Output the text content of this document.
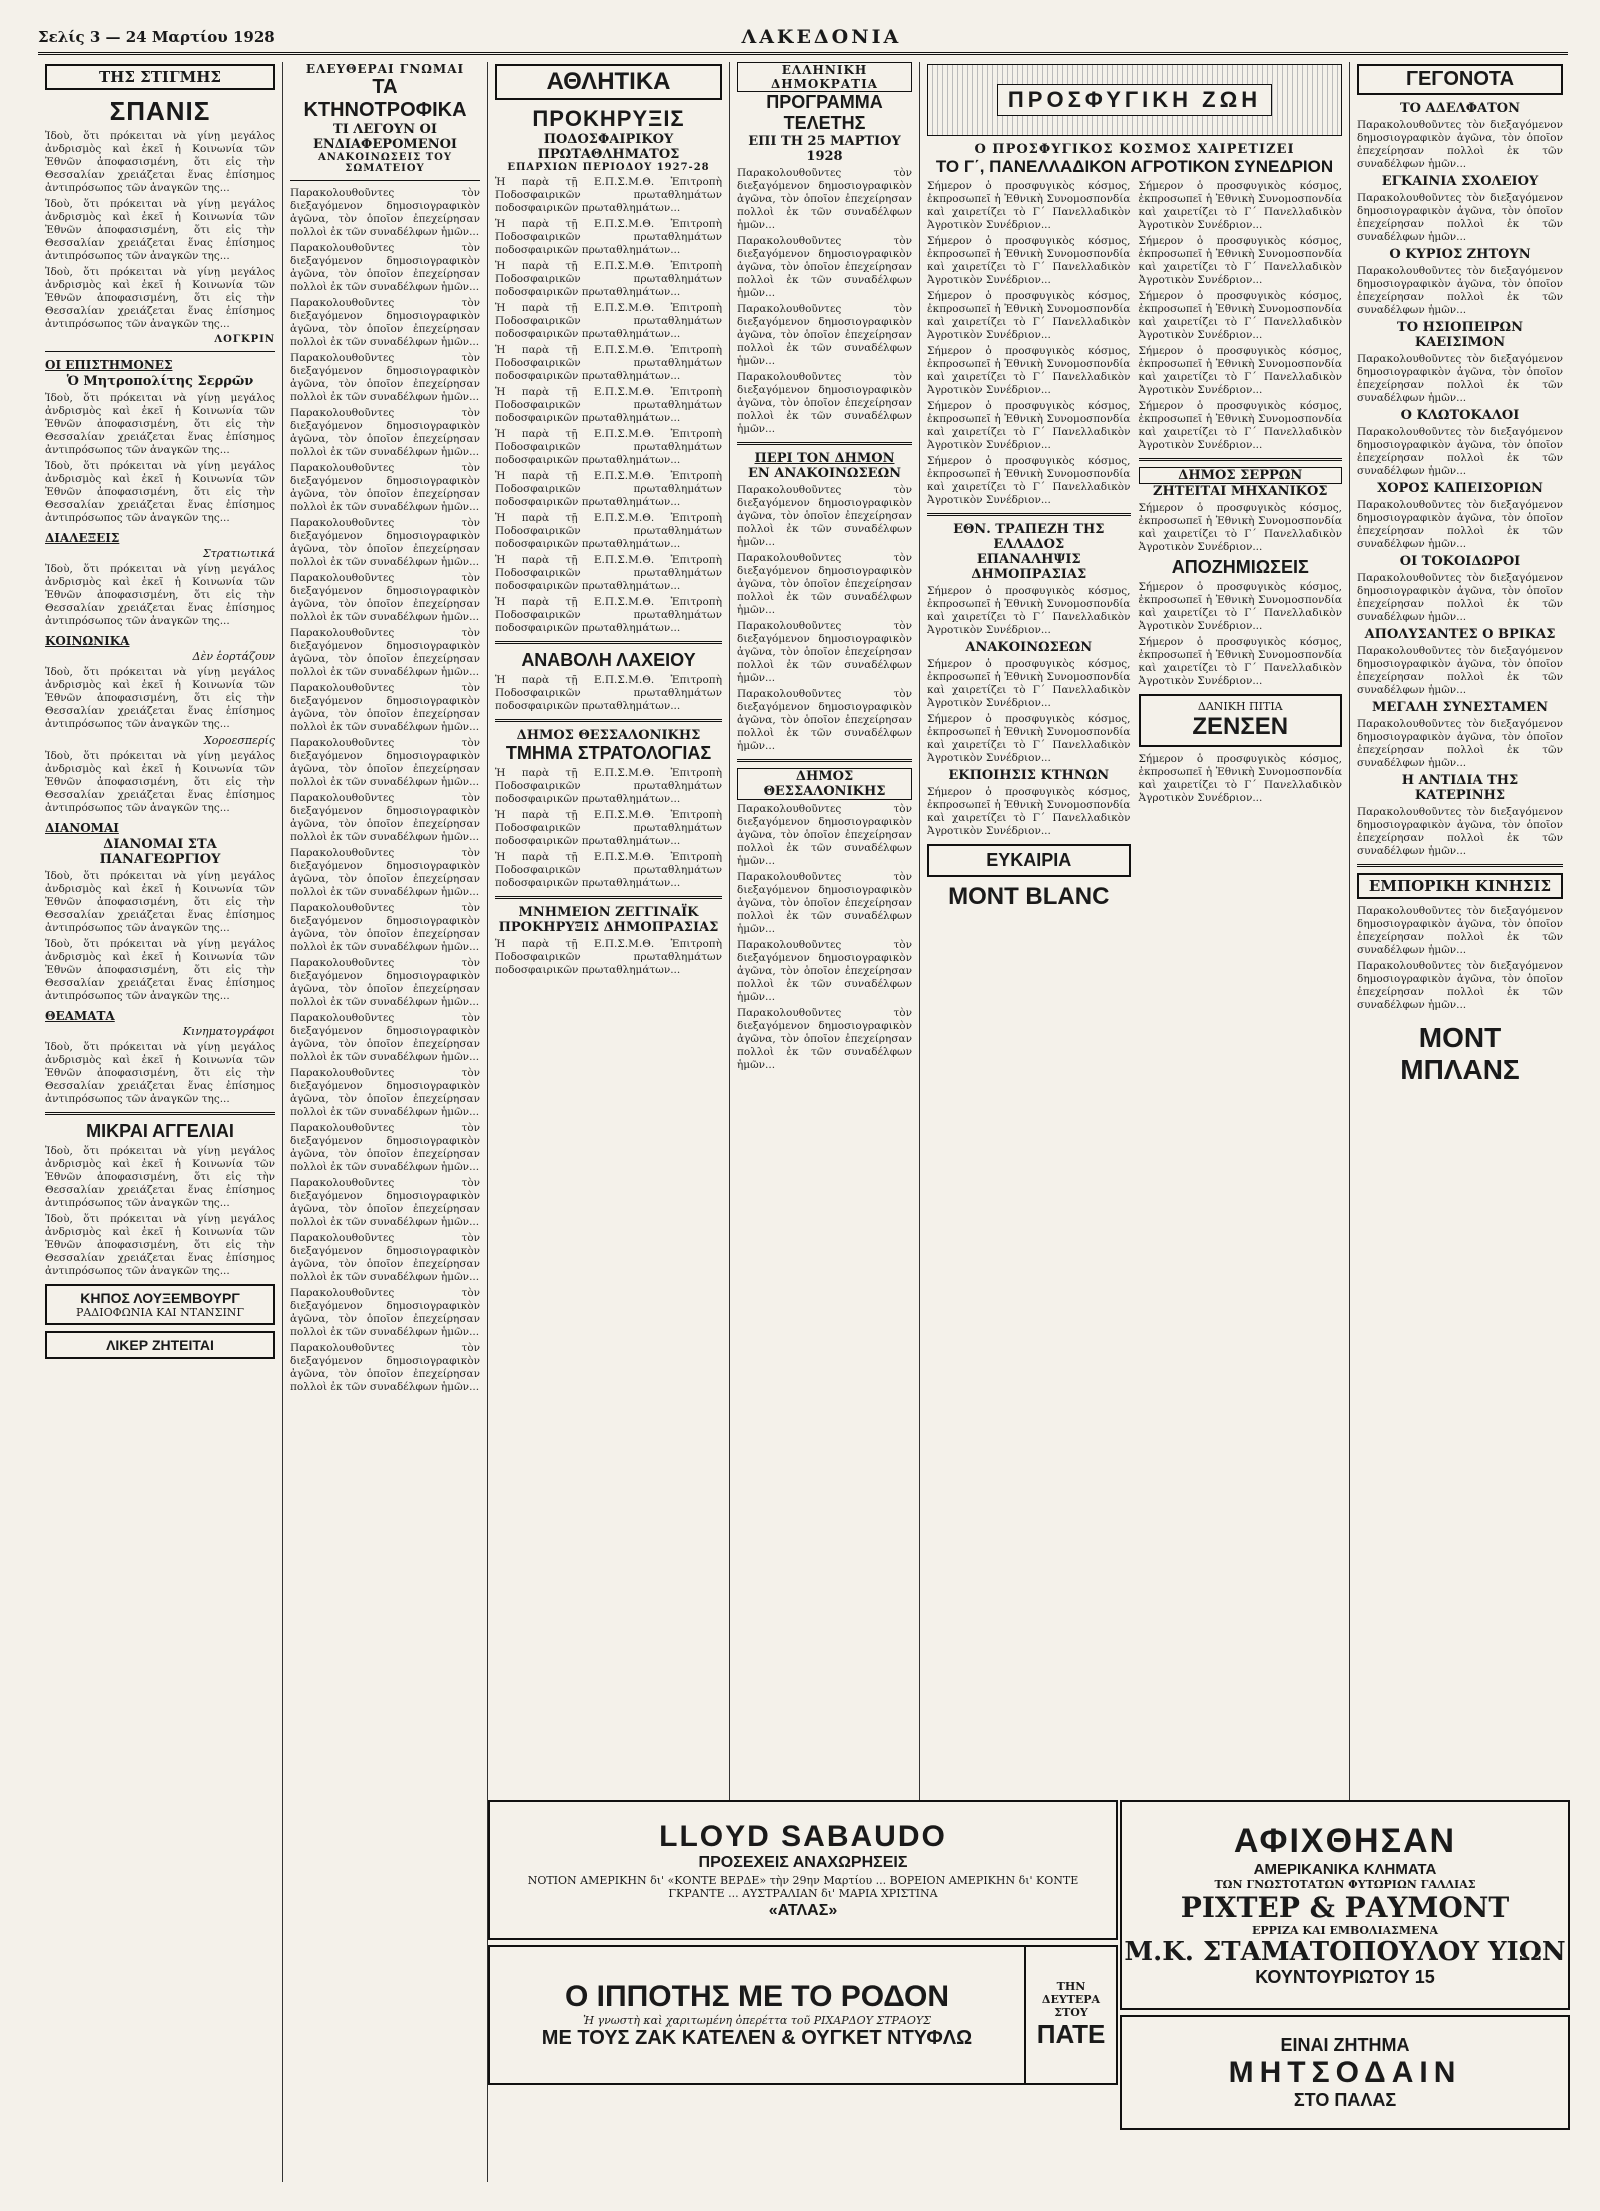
Σελίς 3 — 24 Μαρτίου 1928	ΛΑΚΕΔΟΝΙΑ
ΤΗΣ ΣΤΙΓΜΗΣ
ΣΠΑΝΙΣ
Ἰδοὺ, ὅτι πρόκειται νὰ γίνῃ μεγάλος ἀνδρισμὸς καὶ ἐκεῖ ἡ Κοινωνία τῶν Ἐθνῶν ἀποφασισμένη, ὅτι εἰς τὴν Θεσσαλίαν χρειάζεται ἕνας ἐπίσημος ἀντιπρόσωπος τῶν ἀναγκῶν της...
Ἰδοὺ, ὅτι πρόκειται νὰ γίνῃ μεγάλος ἀνδρισμὸς καὶ ἐκεῖ ἡ Κοινωνία τῶν Ἐθνῶν ἀποφασισμένη, ὅτι εἰς τὴν Θεσσαλίαν χρειάζεται ἕνας ἐπίσημος ἀντιπρόσωπος τῶν ἀναγκῶν της...
Ἰδοὺ, ὅτι πρόκειται νὰ γίνῃ μεγάλος ἀνδρισμὸς καὶ ἐκεῖ ἡ Κοινωνία τῶν Ἐθνῶν ἀποφασισμένη, ὅτι εἰς τὴν Θεσσαλίαν χρειάζεται ἕνας ἐπίσημος ἀντιπρόσωπος τῶν ἀναγκῶν της...
ΛΟΓΚΡΙΝ
ΟΙ ΕΠΙΣΤΗΜΟΝΕΣ
Ὁ Μητροπολίτης Σερρῶν
Ἰδοὺ, ὅτι πρόκειται νὰ γίνῃ μεγάλος ἀνδρισμὸς καὶ ἐκεῖ ἡ Κοινωνία τῶν Ἐθνῶν ἀποφασισμένη, ὅτι εἰς τὴν Θεσσαλίαν χρειάζεται ἕνας ἐπίσημος ἀντιπρόσωπος τῶν ἀναγκῶν της...
Ἰδοὺ, ὅτι πρόκειται νὰ γίνῃ μεγάλος ἀνδρισμὸς καὶ ἐκεῖ ἡ Κοινωνία τῶν Ἐθνῶν ἀποφασισμένη, ὅτι εἰς τὴν Θεσσαλίαν χρειάζεται ἕνας ἐπίσημος ἀντιπρόσωπος τῶν ἀναγκῶν της...
ΔΙΑΛΕΞΕΙΣ
Στρατιωτικά
Ἰδοὺ, ὅτι πρόκειται νὰ γίνῃ μεγάλος ἀνδρισμὸς καὶ ἐκεῖ ἡ Κοινωνία τῶν Ἐθνῶν ἀποφασισμένη, ὅτι εἰς τὴν Θεσσαλίαν χρειάζεται ἕνας ἐπίσημος ἀντιπρόσωπος τῶν ἀναγκῶν της...
ΚΟΙΝΩΝΙΚΑ
Δὲν ἑορτάζουν
Ἰδοὺ, ὅτι πρόκειται νὰ γίνῃ μεγάλος ἀνδρισμὸς καὶ ἐκεῖ ἡ Κοινωνία τῶν Ἐθνῶν ἀποφασισμένη, ὅτι εἰς τὴν Θεσσαλίαν χρειάζεται ἕνας ἐπίσημος ἀντιπρόσωπος τῶν ἀναγκῶν της...
Χοροεσπερίς
Ἰδοὺ, ὅτι πρόκειται νὰ γίνῃ μεγάλος ἀνδρισμὸς καὶ ἐκεῖ ἡ Κοινωνία τῶν Ἐθνῶν ἀποφασισμένη, ὅτι εἰς τὴν Θεσσαλίαν χρειάζεται ἕνας ἐπίσημος ἀντιπρόσωπος τῶν ἀναγκῶν της...
ΔΙΑΝΟΜΑΙ
ΔΙΑΝΟΜΑΙ ΣΤΑ ΠΑΝΑΓΕΩΡΓΙΟΥ
Ἰδοὺ, ὅτι πρόκειται νὰ γίνῃ μεγάλος ἀνδρισμὸς καὶ ἐκεῖ ἡ Κοινωνία τῶν Ἐθνῶν ἀποφασισμένη, ὅτι εἰς τὴν Θεσσαλίαν χρειάζεται ἕνας ἐπίσημος ἀντιπρόσωπος τῶν ἀναγκῶν της...
Ἰδοὺ, ὅτι πρόκειται νὰ γίνῃ μεγάλος ἀνδρισμὸς καὶ ἐκεῖ ἡ Κοινωνία τῶν Ἐθνῶν ἀποφασισμένη, ὅτι εἰς τὴν Θεσσαλίαν χρειάζεται ἕνας ἐπίσημος ἀντιπρόσωπος τῶν ἀναγκῶν της...
ΘΕΑΜΑΤΑ
Κινηματογράφοι
Ἰδοὺ, ὅτι πρόκειται νὰ γίνῃ μεγάλος ἀνδρισμὸς καὶ ἐκεῖ ἡ Κοινωνία τῶν Ἐθνῶν ἀποφασισμένη, ὅτι εἰς τὴν Θεσσαλίαν χρειάζεται ἕνας ἐπίσημος ἀντιπρόσωπος τῶν ἀναγκῶν της...
ΜΙΚΡΑΙ ΑΓΓΕΛΙΑΙ
Ἰδοὺ, ὅτι πρόκειται νὰ γίνῃ μεγάλος ἀνδρισμὸς καὶ ἐκεῖ ἡ Κοινωνία τῶν Ἐθνῶν ἀποφασισμένη, ὅτι εἰς τὴν Θεσσαλίαν χρειάζεται ἕνας ἐπίσημος ἀντιπρόσωπος τῶν ἀναγκῶν της...
Ἰδοὺ, ὅτι πρόκειται νὰ γίνῃ μεγάλος ἀνδρισμὸς καὶ ἐκεῖ ἡ Κοινωνία τῶν Ἐθνῶν ἀποφασισμένη, ὅτι εἰς τὴν Θεσσαλίαν χρειάζεται ἕνας ἐπίσημος ἀντιπρόσωπος τῶν ἀναγκῶν της...
ΚΗΠΟΣ ΛΟΥΞΕΜΒΟΥΡΓ
ΡΑΔΙΟΦΩΝΙΑ ΚΑΙ ΝΤΑΝΣΙΝΓ
ΛΙΚΕΡ ΖΗΤΕΙΤΑΙ
ΕΛΕΥΘΕΡΑΙ ΓΝΩΜΑΙ
ΤΑ ΚΤΗΝΟΤΡΟΦΙΚΑ
ΤΙ ΛΕΓΟΥΝ ΟΙ ΕΝΔΙΑΦΕΡΟΜΕΝΟΙ
ΑΝΑΚΟΙΝΩΣΕΙΣ ΤΟΥ ΣΩΜΑΤΕΙΟΥ
Παρακολουθοῦντες τὸν διεξαγόμενον δημοσιογραφικὸν ἀγῶνα, τὸν ὁποῖον ἐπεχείρησαν πολλοὶ ἐκ τῶν συναδέλφων ἡμῶν...
Παρακολουθοῦντες τὸν διεξαγόμενον δημοσιογραφικὸν ἀγῶνα, τὸν ὁποῖον ἐπεχείρησαν πολλοὶ ἐκ τῶν συναδέλφων ἡμῶν...
Παρακολουθοῦντες τὸν διεξαγόμενον δημοσιογραφικὸν ἀγῶνα, τὸν ὁποῖον ἐπεχείρησαν πολλοὶ ἐκ τῶν συναδέλφων ἡμῶν...
Παρακολουθοῦντες τὸν διεξαγόμενον δημοσιογραφικὸν ἀγῶνα, τὸν ὁποῖον ἐπεχείρησαν πολλοὶ ἐκ τῶν συναδέλφων ἡμῶν...
Παρακολουθοῦντες τὸν διεξαγόμενον δημοσιογραφικὸν ἀγῶνα, τὸν ὁποῖον ἐπεχείρησαν πολλοὶ ἐκ τῶν συναδέλφων ἡμῶν...
Παρακολουθοῦντες τὸν διεξαγόμενον δημοσιογραφικὸν ἀγῶνα, τὸν ὁποῖον ἐπεχείρησαν πολλοὶ ἐκ τῶν συναδέλφων ἡμῶν...
Παρακολουθοῦντες τὸν διεξαγόμενον δημοσιογραφικὸν ἀγῶνα, τὸν ὁποῖον ἐπεχείρησαν πολλοὶ ἐκ τῶν συναδέλφων ἡμῶν...
Παρακολουθοῦντες τὸν διεξαγόμενον δημοσιογραφικὸν ἀγῶνα, τὸν ὁποῖον ἐπεχείρησαν πολλοὶ ἐκ τῶν συναδέλφων ἡμῶν...
Παρακολουθοῦντες τὸν διεξαγόμενον δημοσιογραφικὸν ἀγῶνα, τὸν ὁποῖον ἐπεχείρησαν πολλοὶ ἐκ τῶν συναδέλφων ἡμῶν...
Παρακολουθοῦντες τὸν διεξαγόμενον δημοσιογραφικὸν ἀγῶνα, τὸν ὁποῖον ἐπεχείρησαν πολλοὶ ἐκ τῶν συναδέλφων ἡμῶν...
Παρακολουθοῦντες τὸν διεξαγόμενον δημοσιογραφικὸν ἀγῶνα, τὸν ὁποῖον ἐπεχείρησαν πολλοὶ ἐκ τῶν συναδέλφων ἡμῶν...
Παρακολουθοῦντες τὸν διεξαγόμενον δημοσιογραφικὸν ἀγῶνα, τὸν ὁποῖον ἐπεχείρησαν πολλοὶ ἐκ τῶν συναδέλφων ἡμῶν...
Παρακολουθοῦντες τὸν διεξαγόμενον δημοσιογραφικὸν ἀγῶνα, τὸν ὁποῖον ἐπεχείρησαν πολλοὶ ἐκ τῶν συναδέλφων ἡμῶν...
Παρακολουθοῦντες τὸν διεξαγόμενον δημοσιογραφικὸν ἀγῶνα, τὸν ὁποῖον ἐπεχείρησαν πολλοὶ ἐκ τῶν συναδέλφων ἡμῶν...
Παρακολουθοῦντες τὸν διεξαγόμενον δημοσιογραφικὸν ἀγῶνα, τὸν ὁποῖον ἐπεχείρησαν πολλοὶ ἐκ τῶν συναδέλφων ἡμῶν...
Παρακολουθοῦντες τὸν διεξαγόμενον δημοσιογραφικὸν ἀγῶνα, τὸν ὁποῖον ἐπεχείρησαν πολλοὶ ἐκ τῶν συναδέλφων ἡμῶν...
Παρακολουθοῦντες τὸν διεξαγόμενον δημοσιογραφικὸν ἀγῶνα, τὸν ὁποῖον ἐπεχείρησαν πολλοὶ ἐκ τῶν συναδέλφων ἡμῶν...
Παρακολουθοῦντες τὸν διεξαγόμενον δημοσιογραφικὸν ἀγῶνα, τὸν ὁποῖον ἐπεχείρησαν πολλοὶ ἐκ τῶν συναδέλφων ἡμῶν...
Παρακολουθοῦντες τὸν διεξαγόμενον δημοσιογραφικὸν ἀγῶνα, τὸν ὁποῖον ἐπεχείρησαν πολλοὶ ἐκ τῶν συναδέλφων ἡμῶν...
Παρακολουθοῦντες τὸν διεξαγόμενον δημοσιογραφικὸν ἀγῶνα, τὸν ὁποῖον ἐπεχείρησαν πολλοὶ ἐκ τῶν συναδέλφων ἡμῶν...
Παρακολουθοῦντες τὸν διεξαγόμενον δημοσιογραφικὸν ἀγῶνα, τὸν ὁποῖον ἐπεχείρησαν πολλοὶ ἐκ τῶν συναδέλφων ἡμῶν...
Παρακολουθοῦντες τὸν διεξαγόμενον δημοσιογραφικὸν ἀγῶνα, τὸν ὁποῖον ἐπεχείρησαν πολλοὶ ἐκ τῶν συναδέλφων ἡμῶν...
ΑΘΛΗΤΙΚΑ
ΠΡΟΚΗΡΥΞΙΣ
ΠΟΔΟΣΦΑΙΡΙΚΟΥ ΠΡΩΤΑΘΛΗΜΑΤΟΣ
ΕΠΑΡΧΙΩΝ ΠΕΡΙΟΔΟΥ 1927-28
Ἡ παρὰ τῇ Ε.Π.Σ.Μ.Θ. Ἐπιτροπὴ Ποδοσφαιρικῶν πρωταθλημάτων ποδοσφαιρικῶν πρωταθλημάτων...
Ἡ παρὰ τῇ Ε.Π.Σ.Μ.Θ. Ἐπιτροπὴ Ποδοσφαιρικῶν πρωταθλημάτων ποδοσφαιρικῶν πρωταθλημάτων...
Ἡ παρὰ τῇ Ε.Π.Σ.Μ.Θ. Ἐπιτροπὴ Ποδοσφαιρικῶν πρωταθλημάτων ποδοσφαιρικῶν πρωταθλημάτων...
Ἡ παρὰ τῇ Ε.Π.Σ.Μ.Θ. Ἐπιτροπὴ Ποδοσφαιρικῶν πρωταθλημάτων ποδοσφαιρικῶν πρωταθλημάτων...
Ἡ παρὰ τῇ Ε.Π.Σ.Μ.Θ. Ἐπιτροπὴ Ποδοσφαιρικῶν πρωταθλημάτων ποδοσφαιρικῶν πρωταθλημάτων...
Ἡ παρὰ τῇ Ε.Π.Σ.Μ.Θ. Ἐπιτροπὴ Ποδοσφαιρικῶν πρωταθλημάτων ποδοσφαιρικῶν πρωταθλημάτων...
Ἡ παρὰ τῇ Ε.Π.Σ.Μ.Θ. Ἐπιτροπὴ Ποδοσφαιρικῶν πρωταθλημάτων ποδοσφαιρικῶν πρωταθλημάτων...
Ἡ παρὰ τῇ Ε.Π.Σ.Μ.Θ. Ἐπιτροπὴ Ποδοσφαιρικῶν πρωταθλημάτων ποδοσφαιρικῶν πρωταθλημάτων...
Ἡ παρὰ τῇ Ε.Π.Σ.Μ.Θ. Ἐπιτροπὴ Ποδοσφαιρικῶν πρωταθλημάτων ποδοσφαιρικῶν πρωταθλημάτων...
Ἡ παρὰ τῇ Ε.Π.Σ.Μ.Θ. Ἐπιτροπὴ Ποδοσφαιρικῶν πρωταθλημάτων ποδοσφαιρικῶν πρωταθλημάτων...
Ἡ παρὰ τῇ Ε.Π.Σ.Μ.Θ. Ἐπιτροπὴ Ποδοσφαιρικῶν πρωταθλημάτων ποδοσφαιρικῶν πρωταθλημάτων...
ΑΝΑΒΟΛΗ ΛΑΧΕΙΟΥ
Ἡ παρὰ τῇ Ε.Π.Σ.Μ.Θ. Ἐπιτροπὴ Ποδοσφαιρικῶν πρωταθλημάτων ποδοσφαιρικῶν πρωταθλημάτων...
ΔΗΜΟΣ ΘΕΣΣΑΛΟΝΙΚΗΣ
ΤΜΗΜΑ ΣΤΡΑΤΟΛΟΓΙΑΣ
Ἡ παρὰ τῇ Ε.Π.Σ.Μ.Θ. Ἐπιτροπὴ Ποδοσφαιρικῶν πρωταθλημάτων ποδοσφαιρικῶν πρωταθλημάτων...
Ἡ παρὰ τῇ Ε.Π.Σ.Μ.Θ. Ἐπιτροπὴ Ποδοσφαιρικῶν πρωταθλημάτων ποδοσφαιρικῶν πρωταθλημάτων...
Ἡ παρὰ τῇ Ε.Π.Σ.Μ.Θ. Ἐπιτροπὴ Ποδοσφαιρικῶν πρωταθλημάτων ποδοσφαιρικῶν πρωταθλημάτων...
ΜΝΗΜΕΙΟΝ ΖΕΓΓΙΝΑΪΚ
ΠΡΟΚΗΡΥΞΙΣ ΔΗΜΟΠΡΑΣΙΑΣ
Ἡ παρὰ τῇ Ε.Π.Σ.Μ.Θ. Ἐπιτροπὴ Ποδοσφαιρικῶν πρωταθλημάτων ποδοσφαιρικῶν πρωταθλημάτων...
ΕΛΛΗΝΙΚΗ ΔΗΜΟΚΡΑΤΙΑ
ΠΡΟΓΡΑΜΜΑ ΤΕΛΕΤΗΣ
ΕΠΙ ΤΗ 25 ΜΑΡΤΙΟΥ 1928
Παρακολουθοῦντες τὸν διεξαγόμενον δημοσιογραφικὸν ἀγῶνα, τὸν ὁποῖον ἐπεχείρησαν πολλοὶ ἐκ τῶν συναδέλφων ἡμῶν...
Παρακολουθοῦντες τὸν διεξαγόμενον δημοσιογραφικὸν ἀγῶνα, τὸν ὁποῖον ἐπεχείρησαν πολλοὶ ἐκ τῶν συναδέλφων ἡμῶν...
Παρακολουθοῦντες τὸν διεξαγόμενον δημοσιογραφικὸν ἀγῶνα, τὸν ὁποῖον ἐπεχείρησαν πολλοὶ ἐκ τῶν συναδέλφων ἡμῶν...
Παρακολουθοῦντες τὸν διεξαγόμενον δημοσιογραφικὸν ἀγῶνα, τὸν ὁποῖον ἐπεχείρησαν πολλοὶ ἐκ τῶν συναδέλφων ἡμῶν...
ΠΕΡΙ ΤΟΝ ΔΗΜΟΝ
ΕΝ ΑΝΑΚΟΙΝΩΣΕΩΝ
Παρακολουθοῦντες τὸν διεξαγόμενον δημοσιογραφικὸν ἀγῶνα, τὸν ὁποῖον ἐπεχείρησαν πολλοὶ ἐκ τῶν συναδέλφων ἡμῶν...
Παρακολουθοῦντες τὸν διεξαγόμενον δημοσιογραφικὸν ἀγῶνα, τὸν ὁποῖον ἐπεχείρησαν πολλοὶ ἐκ τῶν συναδέλφων ἡμῶν...
Παρακολουθοῦντες τὸν διεξαγόμενον δημοσιογραφικὸν ἀγῶνα, τὸν ὁποῖον ἐπεχείρησαν πολλοὶ ἐκ τῶν συναδέλφων ἡμῶν...
Παρακολουθοῦντες τὸν διεξαγόμενον δημοσιογραφικὸν ἀγῶνα, τὸν ὁποῖον ἐπεχείρησαν πολλοὶ ἐκ τῶν συναδέλφων ἡμῶν...
ΔΗΜΟΣ ΘΕΣΣΑΛΟΝΙΚΗΣ
Παρακολουθοῦντες τὸν διεξαγόμενον δημοσιογραφικὸν ἀγῶνα, τὸν ὁποῖον ἐπεχείρησαν πολλοὶ ἐκ τῶν συναδέλφων ἡμῶν...
Παρακολουθοῦντες τὸν διεξαγόμενον δημοσιογραφικὸν ἀγῶνα, τὸν ὁποῖον ἐπεχείρησαν πολλοὶ ἐκ τῶν συναδέλφων ἡμῶν...
Παρακολουθοῦντες τὸν διεξαγόμενον δημοσιογραφικὸν ἀγῶνα, τὸν ὁποῖον ἐπεχείρησαν πολλοὶ ἐκ τῶν συναδέλφων ἡμῶν...
Παρακολουθοῦντες τὸν διεξαγόμενον δημοσιογραφικὸν ἀγῶνα, τὸν ὁποῖον ἐπεχείρησαν πολλοὶ ἐκ τῶν συναδέλφων ἡμῶν...
ΠΡΟΣΦΥΓΙΚΗ ΖΩΗ
Ο ΠΡΟΣΦΥΓΙΚΟΣ ΚΟΣΜΟΣ ΧΑΙΡΕΤΙΖΕΙ
ΤΟ Γ΄, ΠΑΝΕΛΛΑΔΙΚΟΝ ΑΓΡΟΤΙΚΟΝ ΣΥΝΕΔΡΙΟΝ
Σήμερον ὁ προσφυγικὸς κόσμος, ἐκπροσωπεῖ ἡ Ἐθνικὴ Συνομοσπονδία καὶ χαιρετίζει τὸ Γ΄ Πανελλαδικὸν Ἀγροτικὸν Συνέδριον...
Σήμερον ὁ προσφυγικὸς κόσμος, ἐκπροσωπεῖ ἡ Ἐθνικὴ Συνομοσπονδία καὶ χαιρετίζει τὸ Γ΄ Πανελλαδικὸν Ἀγροτικὸν Συνέδριον...
Σήμερον ὁ προσφυγικὸς κόσμος, ἐκπροσωπεῖ ἡ Ἐθνικὴ Συνομοσπονδία καὶ χαιρετίζει τὸ Γ΄ Πανελλαδικὸν Ἀγροτικὸν Συνέδριον...
Σήμερον ὁ προσφυγικὸς κόσμος, ἐκπροσωπεῖ ἡ Ἐθνικὴ Συνομοσπονδία καὶ χαιρετίζει τὸ Γ΄ Πανελλαδικὸν Ἀγροτικὸν Συνέδριον...
Σήμερον ὁ προσφυγικὸς κόσμος, ἐκπροσωπεῖ ἡ Ἐθνικὴ Συνομοσπονδία καὶ χαιρετίζει τὸ Γ΄ Πανελλαδικὸν Ἀγροτικὸν Συνέδριον...
Σήμερον ὁ προσφυγικὸς κόσμος, ἐκπροσωπεῖ ἡ Ἐθνικὴ Συνομοσπονδία καὶ χαιρετίζει τὸ Γ΄ Πανελλαδικὸν Ἀγροτικὸν Συνέδριον...
ΕΘΝ. ΤΡΑΠΕΖΗ ΤΗΣ ΕΛΛΑΔΟΣ
ΕΠΑΝΑΛΗΨΙΣ ΔΗΜΟΠΡΑΣΙΑΣ
Σήμερον ὁ προσφυγικὸς κόσμος, ἐκπροσωπεῖ ἡ Ἐθνικὴ Συνομοσπονδία καὶ χαιρετίζει τὸ Γ΄ Πανελλαδικὸν Ἀγροτικὸν Συνέδριον...
ΑΝΑΚΟΙΝΩΣΕΩΝ
Σήμερον ὁ προσφυγικὸς κόσμος, ἐκπροσωπεῖ ἡ Ἐθνικὴ Συνομοσπονδία καὶ χαιρετίζει τὸ Γ΄ Πανελλαδικὸν Ἀγροτικὸν Συνέδριον...
Σήμερον ὁ προσφυγικὸς κόσμος, ἐκπροσωπεῖ ἡ Ἐθνικὴ Συνομοσπονδία καὶ χαιρετίζει τὸ Γ΄ Πανελλαδικὸν Ἀγροτικὸν Συνέδριον...
ΕΚΠΟΙΗΣΙΣ ΚΤΗΝΩΝ
Σήμερον ὁ προσφυγικὸς κόσμος, ἐκπροσωπεῖ ἡ Ἐθνικὴ Συνομοσπονδία καὶ χαιρετίζει τὸ Γ΄ Πανελλαδικὸν Ἀγροτικὸν Συνέδριον...
ΕΥΚΑΙΡΙΑ
MONT BLANC
Σήμερον ὁ προσφυγικὸς κόσμος, ἐκπροσωπεῖ ἡ Ἐθνικὴ Συνομοσπονδία καὶ χαιρετίζει τὸ Γ΄ Πανελλαδικὸν Ἀγροτικὸν Συνέδριον...
Σήμερον ὁ προσφυγικὸς κόσμος, ἐκπροσωπεῖ ἡ Ἐθνικὴ Συνομοσπονδία καὶ χαιρετίζει τὸ Γ΄ Πανελλαδικὸν Ἀγροτικὸν Συνέδριον...
Σήμερον ὁ προσφυγικὸς κόσμος, ἐκπροσωπεῖ ἡ Ἐθνικὴ Συνομοσπονδία καὶ χαιρετίζει τὸ Γ΄ Πανελλαδικὸν Ἀγροτικὸν Συνέδριον...
Σήμερον ὁ προσφυγικὸς κόσμος, ἐκπροσωπεῖ ἡ Ἐθνικὴ Συνομοσπονδία καὶ χαιρετίζει τὸ Γ΄ Πανελλαδικὸν Ἀγροτικὸν Συνέδριον...
Σήμερον ὁ προσφυγικὸς κόσμος, ἐκπροσωπεῖ ἡ Ἐθνικὴ Συνομοσπονδία καὶ χαιρετίζει τὸ Γ΄ Πανελλαδικὸν Ἀγροτικὸν Συνέδριον...
ΔΗΜΟΣ ΣΕΡΡΩΝ
ΖΗΤΕΙΤΑΙ ΜΗΧΑΝΙΚΟΣ
Σήμερον ὁ προσφυγικὸς κόσμος, ἐκπροσωπεῖ ἡ Ἐθνικὴ Συνομοσπονδία καὶ χαιρετίζει τὸ Γ΄ Πανελλαδικὸν Ἀγροτικὸν Συνέδριον...
ΑΠΟΖΗΜΙΩΣΕΙΣ
Σήμερον ὁ προσφυγικὸς κόσμος, ἐκπροσωπεῖ ἡ Ἐθνικὴ Συνομοσπονδία καὶ χαιρετίζει τὸ Γ΄ Πανελλαδικὸν Ἀγροτικὸν Συνέδριον...
Σήμερον ὁ προσφυγικὸς κόσμος, ἐκπροσωπεῖ ἡ Ἐθνικὴ Συνομοσπονδία καὶ χαιρετίζει τὸ Γ΄ Πανελλαδικὸν Ἀγροτικὸν Συνέδριον...
ΔΑΝΙΚΗ ΠΙΤΙΑ
ΖΕΝΣΕΝ
Σήμερον ὁ προσφυγικὸς κόσμος, ἐκπροσωπεῖ ἡ Ἐθνικὴ Συνομοσπονδία καὶ χαιρετίζει τὸ Γ΄ Πανελλαδικὸν Ἀγροτικὸν Συνέδριον...
ΓΕΓΟΝΟΤΑ
ΤΟ ΑΔΕΛΦΑΤΟΝ
Παρακολουθοῦντες τὸν διεξαγόμενον δημοσιογραφικὸν ἀγῶνα, τὸν ὁποῖον ἐπεχείρησαν πολλοὶ ἐκ τῶν συναδέλφων ἡμῶν...
ΕΓΚΑΙΝΙΑ ΣΧΟΛΕΙΟΥ
Παρακολουθοῦντες τὸν διεξαγόμενον δημοσιογραφικὸν ἀγῶνα, τὸν ὁποῖον ἐπεχείρησαν πολλοὶ ἐκ τῶν συναδέλφων ἡμῶν...
Ο ΚΥΡΙΟΣ ΖΗΤΟΥΝ
Παρακολουθοῦντες τὸν διεξαγόμενον δημοσιογραφικὸν ἀγῶνα, τὸν ὁποῖον ἐπεχείρησαν πολλοὶ ἐκ τῶν συναδέλφων ἡμῶν...
ΤΟ ΗΣΙΟΠΕΙΡΩΝ ΚΑΕΙΣΙΜΟΝ
Παρακολουθοῦντες τὸν διεξαγόμενον δημοσιογραφικὸν ἀγῶνα, τὸν ὁποῖον ἐπεχείρησαν πολλοὶ ἐκ τῶν συναδέλφων ἡμῶν...
Ο ΚΛΩΤΟΚΑΛΟΙ
Παρακολουθοῦντες τὸν διεξαγόμενον δημοσιογραφικὸν ἀγῶνα, τὸν ὁποῖον ἐπεχείρησαν πολλοὶ ἐκ τῶν συναδέλφων ἡμῶν...
ΧΟΡΟΣ ΚΑΠΕΙΣΟΡΙΩΝ
Παρακολουθοῦντες τὸν διεξαγόμενον δημοσιογραφικὸν ἀγῶνα, τὸν ὁποῖον ἐπεχείρησαν πολλοὶ ἐκ τῶν συναδέλφων ἡμῶν...
ΟΙ ΤΟΚΟΙΔΩΡΟΙ
Παρακολουθοῦντες τὸν διεξαγόμενον δημοσιογραφικὸν ἀγῶνα, τὸν ὁποῖον ἐπεχείρησαν πολλοὶ ἐκ τῶν συναδέλφων ἡμῶν...
ΑΠΟΛΥΣΑΝΤΕΣ Ο ΒΡΙΚΑΣ
Παρακολουθοῦντες τὸν διεξαγόμενον δημοσιογραφικὸν ἀγῶνα, τὸν ὁποῖον ἐπεχείρησαν πολλοὶ ἐκ τῶν συναδέλφων ἡμῶν...
ΜΕΓΑΛΗ ΣΥΝΕΣΤΑΜΕΝ
Παρακολουθοῦντες τὸν διεξαγόμενον δημοσιογραφικὸν ἀγῶνα, τὸν ὁποῖον ἐπεχείρησαν πολλοὶ ἐκ τῶν συναδέλφων ἡμῶν...
Η ΑΝΤΙΔΙΑ ΤΗΣ ΚΑΤΕΡΙΝΗΣ
Παρακολουθοῦντες τὸν διεξαγόμενον δημοσιογραφικὸν ἀγῶνα, τὸν ὁποῖον ἐπεχείρησαν πολλοὶ ἐκ τῶν συναδέλφων ἡμῶν...
ΕΜΠΟΡΙΚΗ ΚΙΝΗΣΙΣ
Παρακολουθοῦντες τὸν διεξαγόμενον δημοσιογραφικὸν ἀγῶνα, τὸν ὁποῖον ἐπεχείρησαν πολλοὶ ἐκ τῶν συναδέλφων ἡμῶν...
Παρακολουθοῦντες τὸν διεξαγόμενον δημοσιογραφικὸν ἀγῶνα, τὸν ὁποῖον ἐπεχείρησαν πολλοὶ ἐκ τῶν συναδέλφων ἡμῶν...
ΜΟΝΤ ΜΠΛΑΝΣ
LLOYD SABAUDO
ΠΡΟΣΕΧΕΙΣ ΑΝΑΧΩΡΗΣΕΙΣ
ΝΟΤΙΟΝ ΑΜΕΡΙΚΗΝ δι' «ΚΟΝΤΕ ΒΕΡΔΕ» τὴν 29ην Μαρτίου ... ΒΟΡΕΙΟΝ ΑΜΕΡΙΚΗΝ δι' ΚΟΝΤΕ ΓΚΡΑΝΤΕ ... ΑΥΣΤΡΑΛΙΑΝ δι' ΜΑΡΙΑ ΧΡΙΣΤΙΝΑ
«ΑΤΛΑΣ»
Ο ΙΠΠΟΤΗΣ ΜΕ ΤΟ ΡΟΔΟΝ
Ἡ γνωστὴ καὶ χαριτωμένη ὀπερέττα τοῦ ΡΙΧΑΡΔΟΥ ΣΤΡΑΟΥΣ
ΜΕ ΤΟΥΣ ΖΑΚ ΚΑΤΕΛΕΝ & ΟΥΓΚΕΤ ΝΤΥΦΛΩ
ΤΗΝ ΔΕΥΤΕΡΑ ΣΤΟΥ
ΠΑΤΕ
ΑΦΙΧΘΗΣΑΝ
ΑΜΕΡΙΚΑΝΙΚΑ ΚΛΗΜΑΤΑ
ΤΩΝ ΓΝΩΣΤΟΤΑΤΩΝ ΦΥΤΩΡΙΩΝ ΓΑΛΛΙΑΣ
ΡΙΧΤΕΡ & ΡΑΥΜΟΝΤ
ΕΡΡΙΖΑ ΚΑΙ ΕΜΒΟΛΙΑΣΜΕΝΑ
Μ.Κ. ΣΤΑΜΑΤΟΠΟΥΛΟΥ ΥΙΩΝ
ΚΟΥΝΤΟΥΡΙΩΤΟΥ 15
ΕΙΝΑΙ ΖΗΤΗΜΑ
ΜΗΤΣΟΔΑΙΝ
ΣΤΟ ΠΑΛΑΣ
